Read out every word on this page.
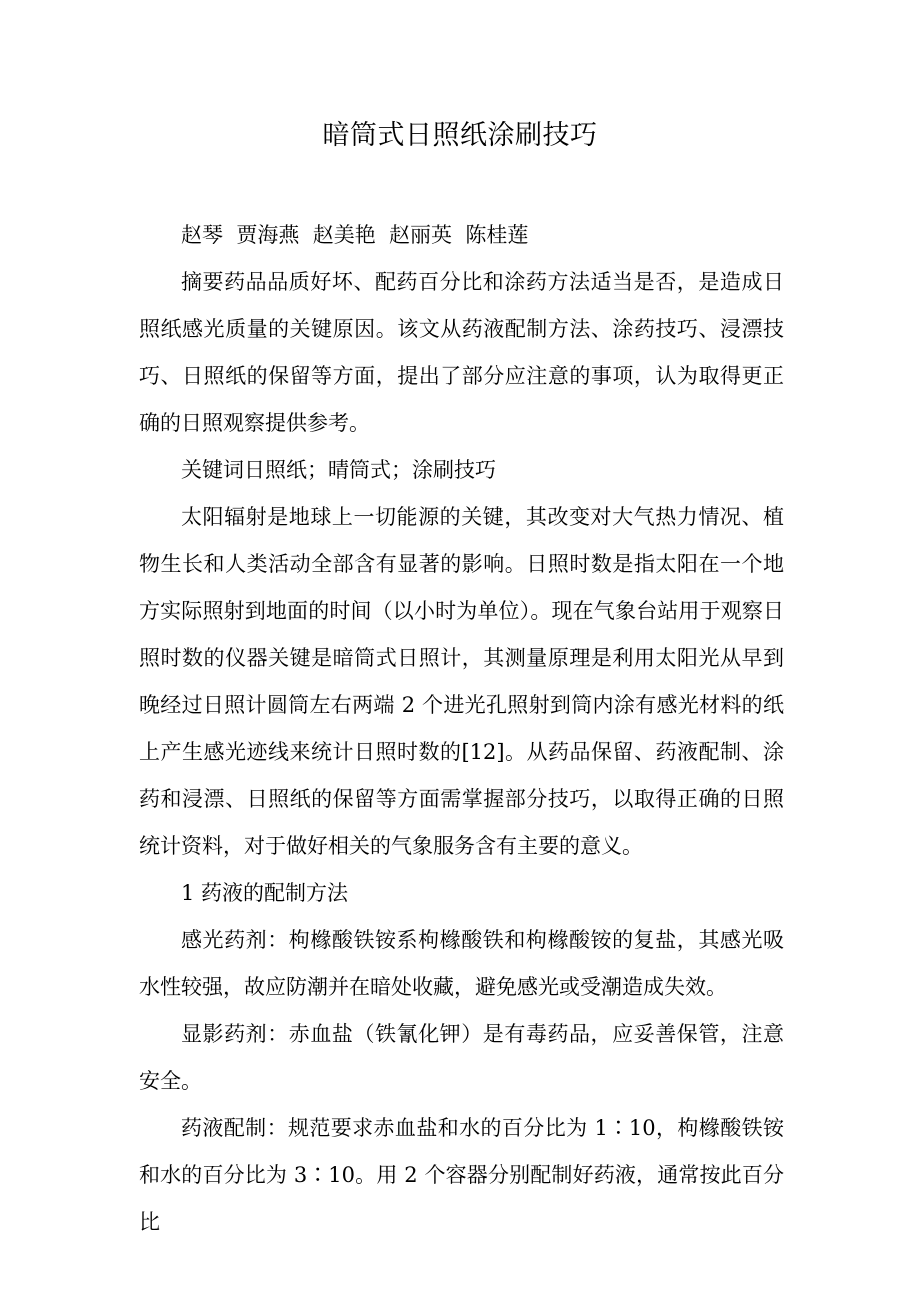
暗筒式日照纸涂刷技巧

赵琴  贾海燕  赵美艳  赵丽英  陈桂莲

摘要药品品质好坏、配药百分比和涂药方法适当是否，是造成日照纸感光质量的关键原因。该文从药液配制方法、涂药技巧、浸漂技巧、日照纸的保留等方面，提出了部分应注意的事项，认为取得更正确的日照观察提供参考。

关键词日照纸；晴筒式；涂刷技巧

太阳辐射是地球上一切能源的关键，其改变对大气热力情况、植物生长和人类活动全部含有显著的影响。日照时数是指太阳在一个地方实际照射到地面的时间（以小时为单位）。现在气象台站用于观察日照时数的仪器关键是暗筒式日照计，其测量原理是利用太阳光从早到晚经过日照计圆筒左右两端 2 个进光孔照射到筒内涂有感光材料的纸上产生感光迹线来统计日照时数的[12]。从药品保留、药液配制、涂药和浸漂、日照纸的保留等方面需掌握部分技巧，以取得正确的日照统计资料，对于做好相关的气象服务含有主要的意义。

1 药液的配制方法

感光药剂：枸橼酸铁铵系枸橼酸铁和枸橼酸铵的复盐，其感光吸水性较强，故应防潮并在暗处收藏，避免感光或受潮造成失效。

显影药剂：赤血盐（铁氰化钾）是有毒药品，应妥善保管，注意安全。

药液配制：规范要求赤血盐和水的百分比为 1∶10，枸橼酸铁铵和水的百分比为 3∶10。用 2 个容器分别配制好药液，通常按此百分比
